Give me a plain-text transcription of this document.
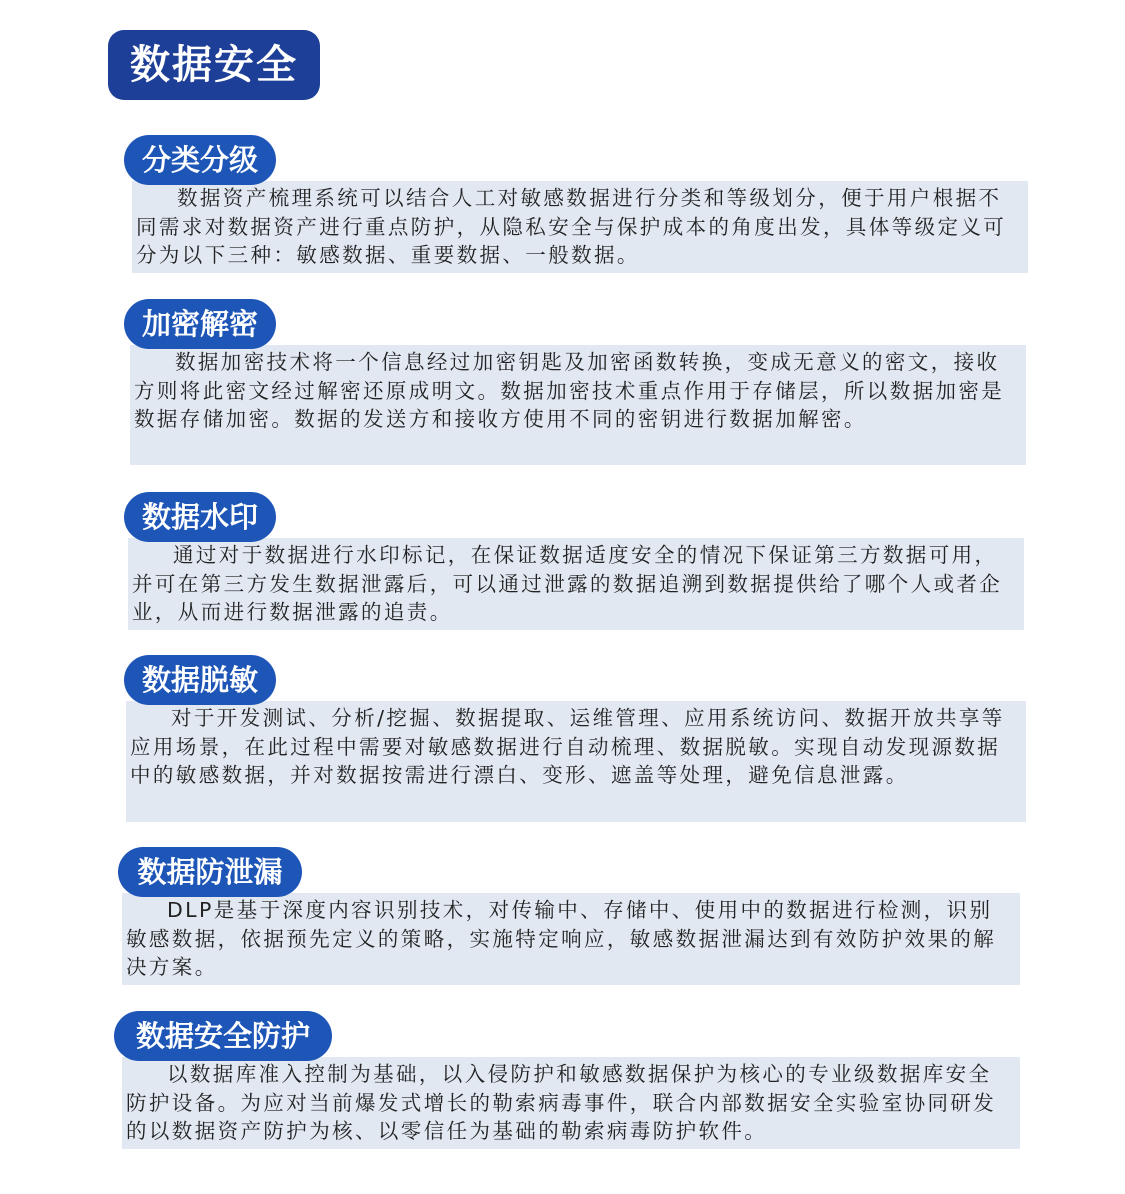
数据安全
分类分级
数据资产梳理系统可以结合人工对敏感数据进行分类和等级划分，便于用户根据不同需求对数据资产进行重点防护，从隐私安全与保护成本的角度出发，具体等级定义可分为以下三种：敏感数据、重要数据、一般数据。
加密解密
数据加密技术将一个信息经过加密钥匙及加密函数转换，变成无意义的密文，接收方则将此密文经过解密还原成明文。数据加密技术重点作用于存储层，所以数据加密是数据存储加密。数据的发送方和接收方使用不同的密钥进行数据加解密。
数据水印
通过对于数据进行水印标记，在保证数据适度安全的情况下保证第三方数据可用，并可在第三方发生数据泄露后，可以通过泄露的数据追溯到数据提供给了哪个人或者企业，从而进行数据泄露的追责。
数据脱敏
对于开发测试、分析/挖掘、数据提取、运维管理、应用系统访问、数据开放共享等应用场景，在此过程中需要对敏感数据进行自动梳理、数据脱敏。实现自动发现源数据中的敏感数据，并对数据按需进行漂白、变形、遮盖等处理，避免信息泄露。
数据防泄漏
DLP是基于深度内容识别技术，对传输中、存储中、使用中的数据进行检测，识别敏感数据，依据预先定义的策略，实施特定响应，敏感数据泄漏达到有效防护效果的解决方案。
数据安全防护
以数据库准入控制为基础，以入侵防护和敏感数据保护为核心的专业级数据库安全防护设备。为应对当前爆发式增长的勒索病毒事件，联合内部数据安全实验室协同研发的以数据资产防护为核、以零信任为基础的勒索病毒防护软件。
